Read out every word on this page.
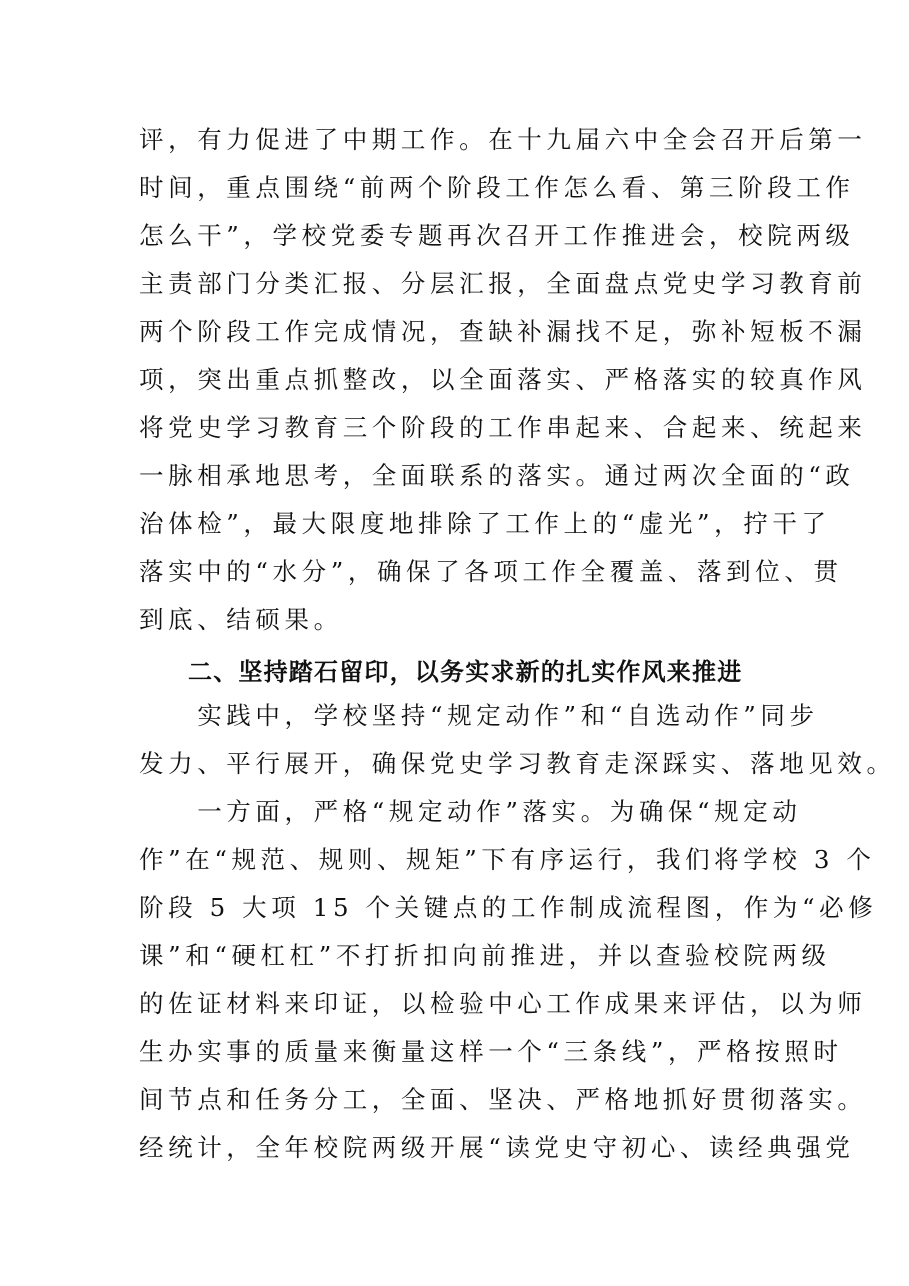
评，有力促进了中期工作。在十九届六中全会召开后第一
时间，重点围绕“前两个阶段工作怎么看、第三阶段工作
怎么干”，学校党委专题再次召开工作推进会，校院两级
主责部门分类汇报、分层汇报，全面盘点党史学习教育前
两个阶段工作完成情况，查缺补漏找不足，弥补短板不漏
项，突出重点抓整改，以全面落实、严格落实的较真作风
将党史学习教育三个阶段的工作串起来、合起来、统起来
一脉相承地思考，全面联系的落实。通过两次全面的“政
治体检”，最大限度地排除了工作上的“虚光”，拧干了
落实中的“水分”，确保了各项工作全覆盖、落到位、贯
到底、结硕果。
二、坚持踏石留印，以务实求新的扎实作风来推进
　　实践中，学校坚持“规定动作”和“自选动作”同步
发力、平行展开，确保党史学习教育走深踩实、落地见效。
　　一方面，严格“规定动作”落实。为确保“规定动
作”在“规范、规则、规矩”下有序运行，我们将学校 3 个
阶段 5 大项 15 个关键点的工作制成流程图，作为“必修
课”和“硬杠杠”不打折扣向前推进，并以查验校院两级
的佐证材料来印证，以检验中心工作成果来评估，以为师
生办实事的质量来衡量这样一个“三条线”，严格按照时
间节点和任务分工，全面、坚决、严格地抓好贯彻落实。
经统计，全年校院两级开展“读党史守初心、读经典强党
